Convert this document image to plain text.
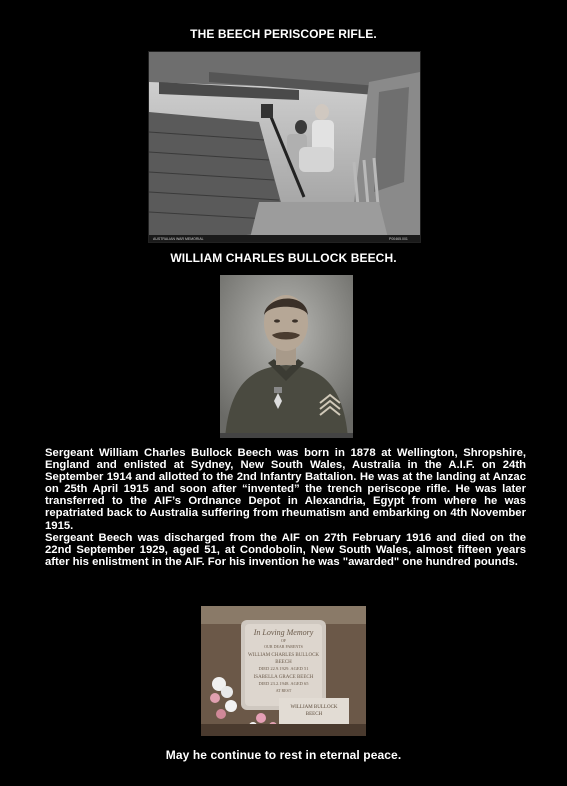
THE BEECH PERISCOPE RIFLE.
AUSTRALIAN WAR MEMORIAL	P00465.001
WILLIAM CHARLES BULLOCK BEECH.

Sergeant William Charles Bullock Beech was born in 1878 at Wellington, Shropshire, England and enlisted at Sydney, New South Wales, Australia in the A.I.F. on 24th September 1914 and allotted to the 2nd Infantry Battalion. He was at the landing at Anzac on 25th April 1915 and soon after “invented” the trench periscope rifle. He was later transferred to the AIF’s Ordnance Depot in Alexandria, Egypt from where he was repatriated back to Australia suffering from rheumatism and embarking on 4th November 1915.

Sergeant Beech was discharged from the AIF on 27th February 1916 and died on the 22nd September 1929, aged 51, at Condobolin, New South Wales, almost fifteen years after his enlistment in the AIF. For his invention he was "awarded" one hundred pounds.

In Loving Memory
OF
OUR DEAR PARENTS
WILLIAM CHARLES BULLOCK
BEECH
DIED 22.9.1929. AGED 51
ISABELLA GRACE BEECH
DIED 23.2.1948. AGED 65
AT REST
WILLIAM BULLOCK
BEECH
May he continue to rest in eternal peace.
